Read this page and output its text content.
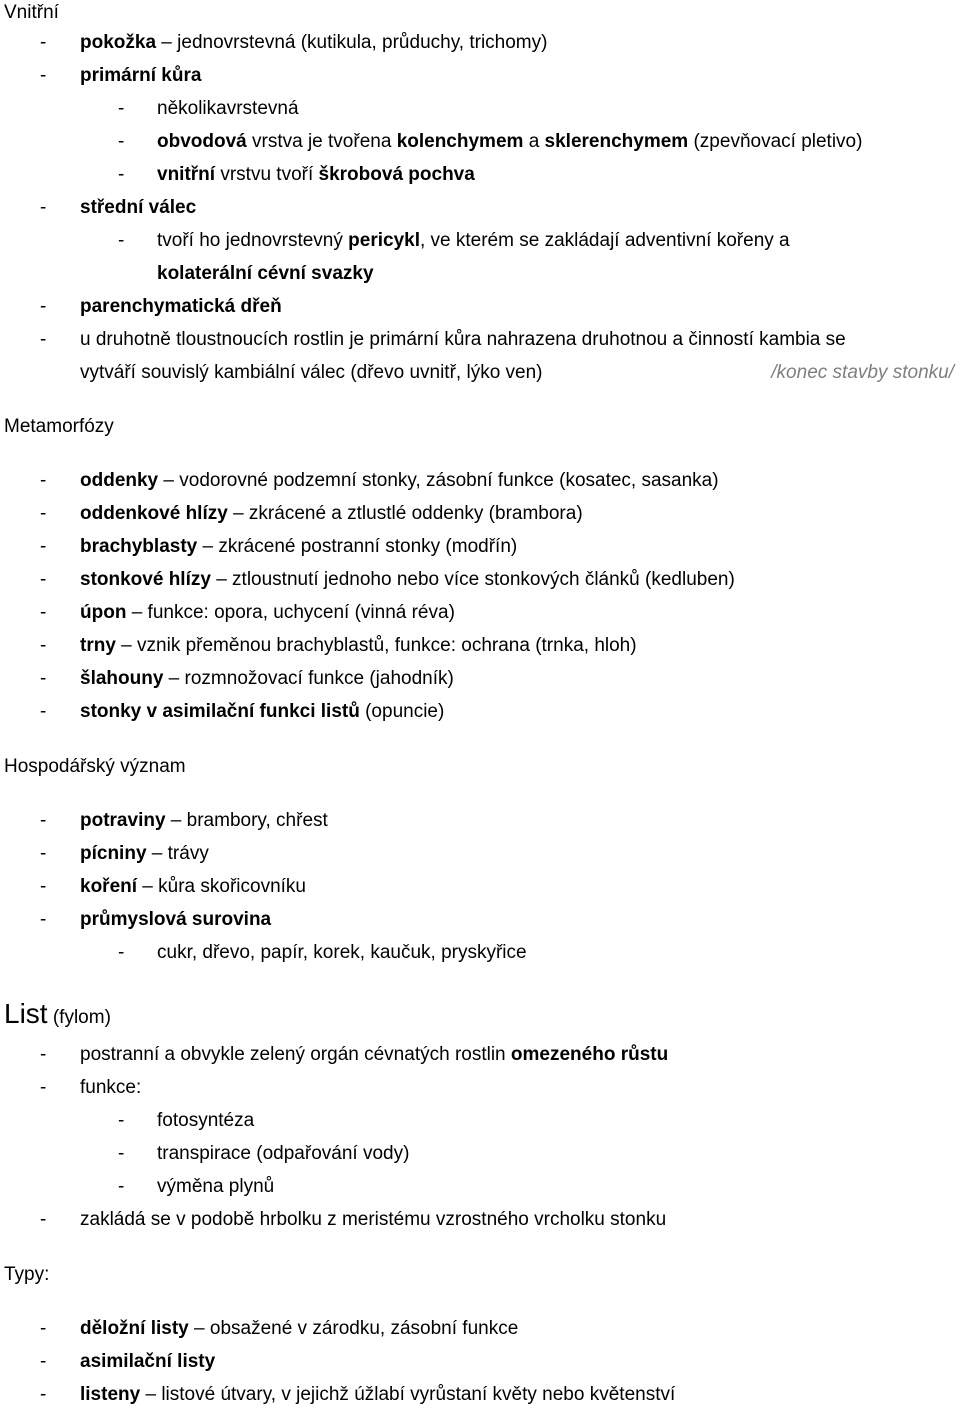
Vnitřní
- pokožka – jednovrstevná (kutikula, průduchy, trichomy)
- primární kůra
- několikavrstevná
- obvodová vrstva je tvořena kolenchymem a sklerenchymem (zpevňovací pletivo)
- vnitřní vrstvu tvoří škrobová pochva
- střední válec
- tvoří ho jednovrstevný pericykl, ve kterém se zakládají adventivní kořeny a
kolaterální cévní svazky
- parenchymatická dřeň
- u druhotně tloustnoucích rostlin je primární kůra nahrazena druhotnou a činností kambia se
vytváří souvislý kambiální válec (dřevo uvnitř, lýko ven)	/konec stavby stonku/
Metamorfózy
- oddenky – vodorovné podzemní stonky, zásobní funkce (kosatec, sasanka)
- oddenkové hlízy – zkrácené a ztlustlé oddenky (brambora)
- brachyblasty – zkrácené postranní stonky (modřín)
- stonkové hlízy – ztloustnutí jednoho nebo více stonkových článků (kedluben)
- úpon – funkce: opora, uchycení (vinná réva)
- trny – vznik přeměnou brachyblastů, funkce: ochrana (trnka, hloh)
- šlahouny – rozmnožovací funkce (jahodník)
- stonky v asimilační funkci listů (opuncie)
Hospodářský význam
- potraviny – brambory, chřest
- pícniny – trávy
- koření – kůra skořicovníku
- průmyslová surovina
- cukr, dřevo, papír, korek, kaučuk, pryskyřice
List (fylom)
- postranní a obvykle zelený orgán cévnatých rostlin omezeného růstu
- funkce:
- fotosyntéza
- transpirace (odpařování vody)
- výměna plynů
- zakládá se v podobě hrbolku z meristému vzrostného vrcholku stonku
Typy:
- děložní listy – obsažené v zárodku, zásobní funkce
- asimilační listy
- listeny – listové útvary, v jejichž úžlabí vyrůstaní květy nebo květenství
